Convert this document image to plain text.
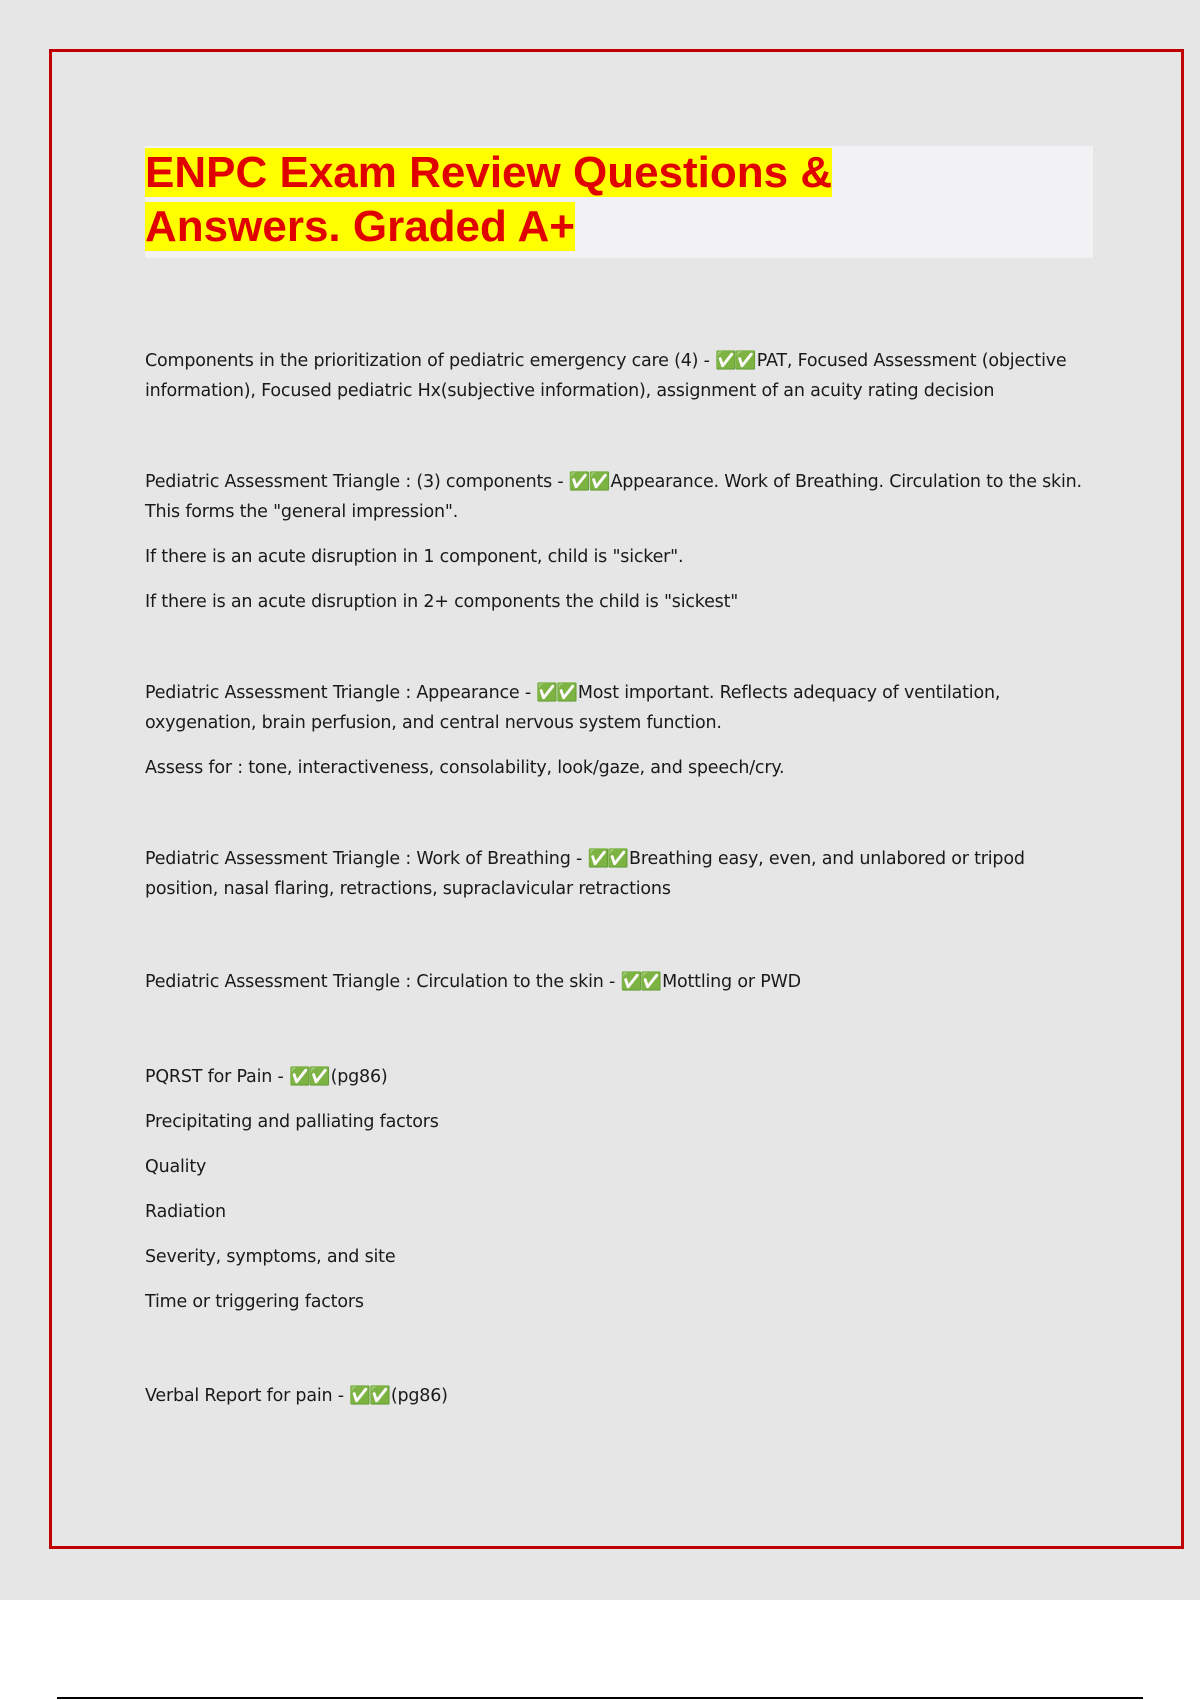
ENPC Exam Review Questions &
Answers. Graded A+

Components in the prioritization of pediatric emergency care (4) - ✅✅ PAT, Focused Assessment (objective information), Focused pediatric Hx(subjective information), assignment of an acuity rating decision

Pediatric Assessment Triangle : (3) components - ✅✅ Appearance. Work of Breathing. Circulation to the skin. This forms the "general impression".

If there is an acute disruption in 1 component, child is "sicker".

If there is an acute disruption in 2+ components the child is "sickest"

Pediatric Assessment Triangle : Appearance - ✅✅ Most important. Reflects adequacy of ventilation, oxygenation, brain perfusion, and central nervous system function.

Assess for : tone, interactiveness, consolability, look/gaze, and speech/cry.

Pediatric Assessment Triangle : Work of Breathing - ✅✅ Breathing easy, even, and unlabored or tripod position, nasal flaring, retractions, supraclavicular retractions

Pediatric Assessment Triangle : Circulation to the skin - ✅✅ Mottling or PWD

PQRST for Pain - ✅✅ (pg86)

Precipitating and palliating factors

Quality

Radiation

Severity, symptoms, and site

Time or triggering factors

Verbal Report for pain - ✅✅ (pg86)
